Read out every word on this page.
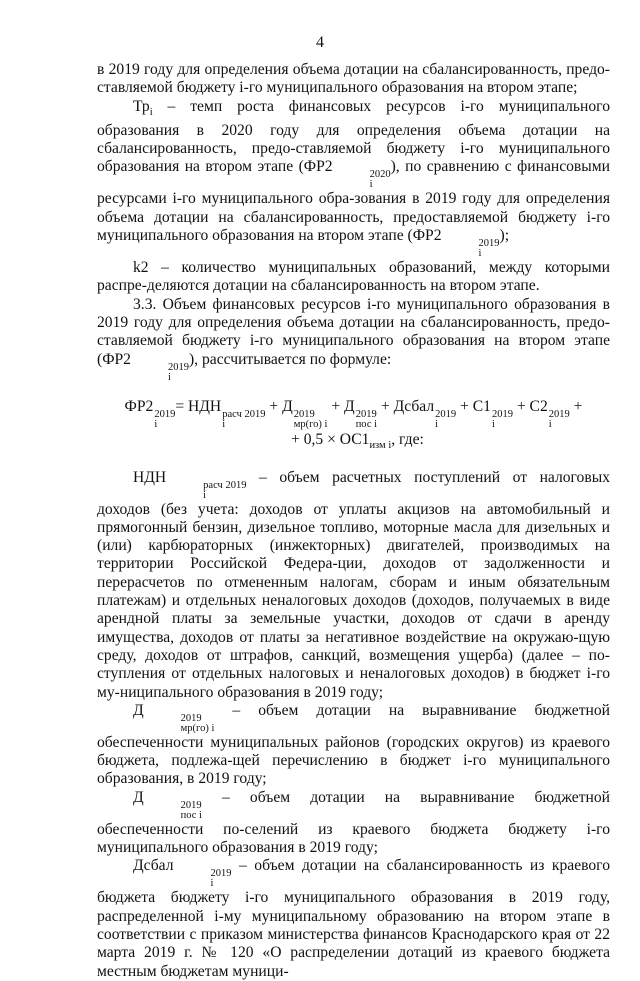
4

в 2019 году для определения объема дотации на сбалансированность, предо-ставляемой бюджету i-го муниципального образования на втором этапе;

$Тр_i$ – темп роста финансовых ресурсов i-го муниципального образования в 2020 году для определения объема дотации на сбалансированность, предо-ставляемой бюджету i-го муниципального образования на втором этапе (ФР2	2020
i
), по сравнению с финансовыми ресурсами i-го муниципального обра-зования в 2019 году для определения объема дотации на сбалансированность, предоставляемой бюджету i-го муниципального образования на втором этапе (ФР2	2019
i
);

k2 – количество муниципальных образований, между которыми распре-деляются дотации на сбалансированность на втором этапе.

3.3. Объем финансовых ресурсов i-го муниципального образования в 2019 году для определения объема дотации на сбалансированность, предо-ставляемой бюджету i-го муниципального образования на втором этапе (ФР2	2019
i
), рассчитывается по формуле:

ФР2 2019
i
= НДН расч 2019
i
+ Д 2019
мр(го) i
+ Д 2019
пос i
+ Дсбал 2019
i
+ С1 2019
i
+ С2 2019
i
+
+ $0,5 \times ОС1_{изм i}$, где:

НДН	расч 2019
i
– объем расчетных поступлений от налоговых доходов (без учета: доходов от уплаты акцизов на автомобильный и прямогонный бензин, дизельное топливо, моторные масла для дизельных и (или) карбюраторных (инжекторных) двигателей, производимых на территории Российской Федера-ции, доходов от задолженности и перерасчетов по отмененным налогам, сборам и иным обязательным платежам) и отдельных неналоговых доходов (доходов, получаемых в виде арендной платы за земельные участки, доходов от сдачи в аренду имущества, доходов от платы за негативное воздействие на окружаю-щую среду, доходов от штрафов, санкций, возмещения ущерба) (далее – по-ступления от отдельных налоговых и неналоговых доходов) в бюджет i-го му-ниципального образования в 2019 году;

Д	2019
мр(го) i
– объем дотации на выравнивание бюджетной обеспеченности муниципальных районов (городских округов) из краевого бюджета, подлежа-щей перечислению в бюджет i-го муниципального образования, в 2019 году;

Д	2019
пос i
– объем дотации на выравнивание бюджетной обеспеченности по-селений из краевого бюджета бюджету i-го муниципального образования в 2019 году;

Дсбал	2019
i
– объем дотации на сбалансированность из краевого бюджета бюджету i-го муниципального образования в 2019 году, распределенной i-му муниципальному образованию на втором этапе в соответствии с приказом министерства финансов Краснодарского края от 22 марта 2019 г. № 120 «О распределении дотаций из краевого бюджета местным бюджетам муници-
